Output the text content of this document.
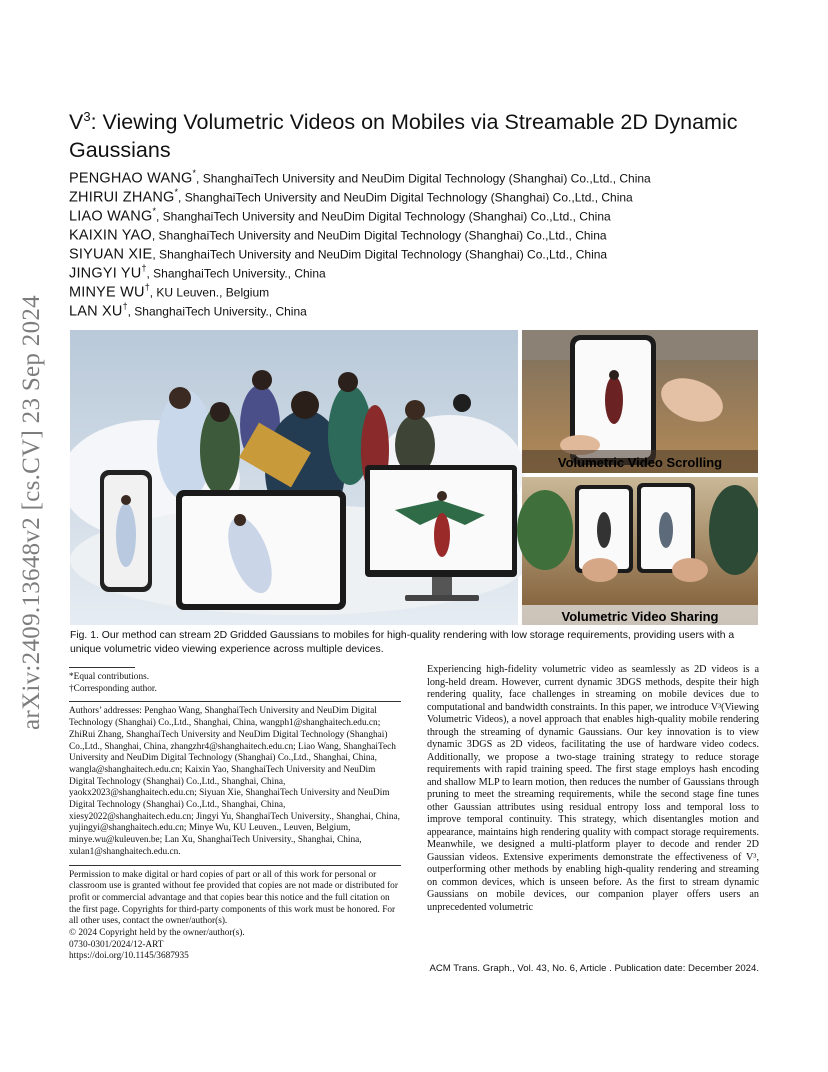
arXiv:2409.13648v2 [cs.CV] 23 Sep 2024
$V^3$: Viewing Volumetric Videos on Mobiles via Streamable 2D Dynamic Gaussians
PENGHAO WANG*, ShanghaiTech University and NeuDim Digital Technology (Shanghai) Co.,Ltd., China
ZHIRUI ZHANG*, ShanghaiTech University and NeuDim Digital Technology (Shanghai) Co.,Ltd., China
LIAO WANG*, ShanghaiTech University and NeuDim Digital Technology (Shanghai) Co.,Ltd., China
KAIXIN YAO, ShanghaiTech University and NeuDim Digital Technology (Shanghai) Co.,Ltd., China
SIYUAN XIE, ShanghaiTech University and NeuDim Digital Technology (Shanghai) Co.,Ltd., China
JINGYI YU†, ShanghaiTech University., China
MINYE WU†, KU Leuven., Belgium
LAN XU†, ShanghaiTech University., China
Volumetric Video Scrolling
Volumetric Video Sharing
Fig. 1. Our method can stream 2D Gridded Gaussians to mobiles for high-quality rendering with low storage requirements, providing users with a unique volumetric video viewing experience across multiple devices.

*Equal contributions.

†Corresponding author.

Authors’ addresses: Penghao Wang, ShanghaiTech University and NeuDim Digital Technology (Shanghai) Co.,Ltd., Shanghai, China, wangph1@shanghaitech.edu.cn; ZhiRui Zhang, ShanghaiTech University and NeuDim Digital Technology (Shanghai) Co.,Ltd., Shanghai, China, zhangzhr4@shanghaitech.edu.cn; Liao Wang, ShanghaiTech University and NeuDim Digital Technology (Shanghai) Co.,Ltd., Shanghai, China, wangla@shanghaitech.edu.cn; Kaixin Yao, ShanghaiTech University and NeuDim Digital Technology (Shanghai) Co.,Ltd., Shanghai, China, yaokx2023@shanghaitech.edu.cn; Siyuan Xie, ShanghaiTech University and NeuDim Digital Technology (Shanghai) Co.,Ltd., Shanghai, China, xiesy2022@shanghaitech.edu.cn; Jingyi Yu, ShanghaiTech University., Shanghai, China, yujingyi@shanghaitech.edu.cn; Minye Wu, KU Leuven., Leuven, Belgium, minye.wu@kuleuven.be; Lan Xu, ShanghaiTech University., Shanghai, China, xulan1@shanghaitech.edu.cn.

Permission to make digital or hard copies of part or all of this work for personal or classroom use is granted without fee provided that copies are not made or distributed for profit or commercial advantage and that copies bear this notice and the full citation on the first page. Copyrights for third-party components of this work must be honored. For all other uses, contact the owner/author(s).

© 2024 Copyright held by the owner/author(s).

0730-0301/2024/12-ART

https://doi.org/10.1145/3687935

Experiencing high-fidelity volumetric video as seamlessly as 2D videos is a long-held dream. However, current dynamic 3DGS methods, despite their high rendering quality, face challenges in streaming on mobile devices due to computational and bandwidth constraints. In this paper, we introduce V³(Viewing Volumetric Videos), a novel approach that enables high-quality mobile rendering through the streaming of dynamic Gaussians. Our key innovation is to view dynamic 3DGS as 2D videos, facilitating the use of hardware video codecs. Additionally, we propose a two-stage training strategy to reduce storage requirements with rapid training speed. The first stage employs hash encoding and shallow MLP to learn motion, then reduces the number of Gaussians through pruning to meet the streaming requirements, while the second stage fine tunes other Gaussian attributes using residual entropy loss and temporal loss to improve temporal continuity. This strategy, which disentangles motion and appearance, maintains high rendering quality with compact storage requirements. Meanwhile, we designed a multi-platform player to decode and render 2D Gaussian videos. Extensive experiments demonstrate the effectiveness of V³, outperforming other methods by enabling high-quality rendering and streaming on common devices, which is unseen before. As the first to stream dynamic Gaussians on mobile devices, our companion player offers users an unprecedented volumetric
ACM Trans. Graph., Vol. 43, No. 6, Article . Publication date: December 2024.
